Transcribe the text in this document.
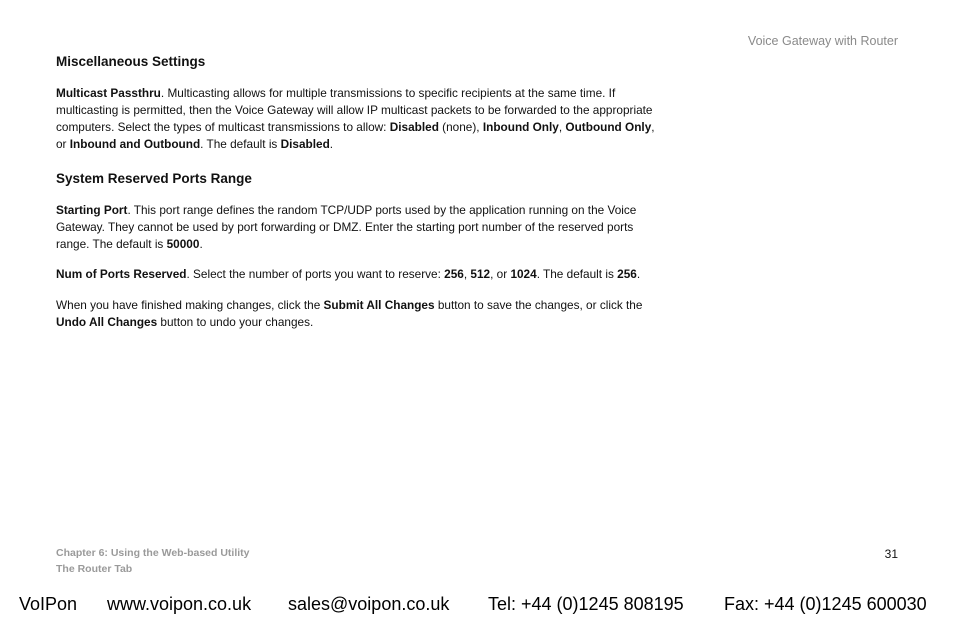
Voice Gateway with Router
Miscellaneous Settings

Multicast Passthru. Multicasting allows for multiple transmissions to specific recipients at the same time. If multicasting is permitted, then the Voice Gateway will allow IP multicast packets to be forwarded to the appropriate computers. Select the types of multicast transmissions to allow: Disabled (none), Inbound Only, Outbound Only, or Inbound and Outbound. The default is Disabled.

System Reserved Ports Range

Starting Port. This port range defines the random TCP/UDP ports used by the application running on the Voice Gateway. They cannot be used by port forwarding or DMZ. Enter the starting port number of the reserved ports range. The default is 50000.

Num of Ports Reserved. Select the number of ports you want to reserve: 256, 512, or 1024. The default is 256.

When you have finished making changes, click the Submit All Changes button to save the changes, or click the Undo All Changes button to undo your changes.

Chapter 6: Using the Web-based Utility
The Router Tab
31
VoIPon www.voipon.co.uk sales@voipon.co.uk Tel: +44 (0)1245 808195 Fax: +44 (0)1245 600030
